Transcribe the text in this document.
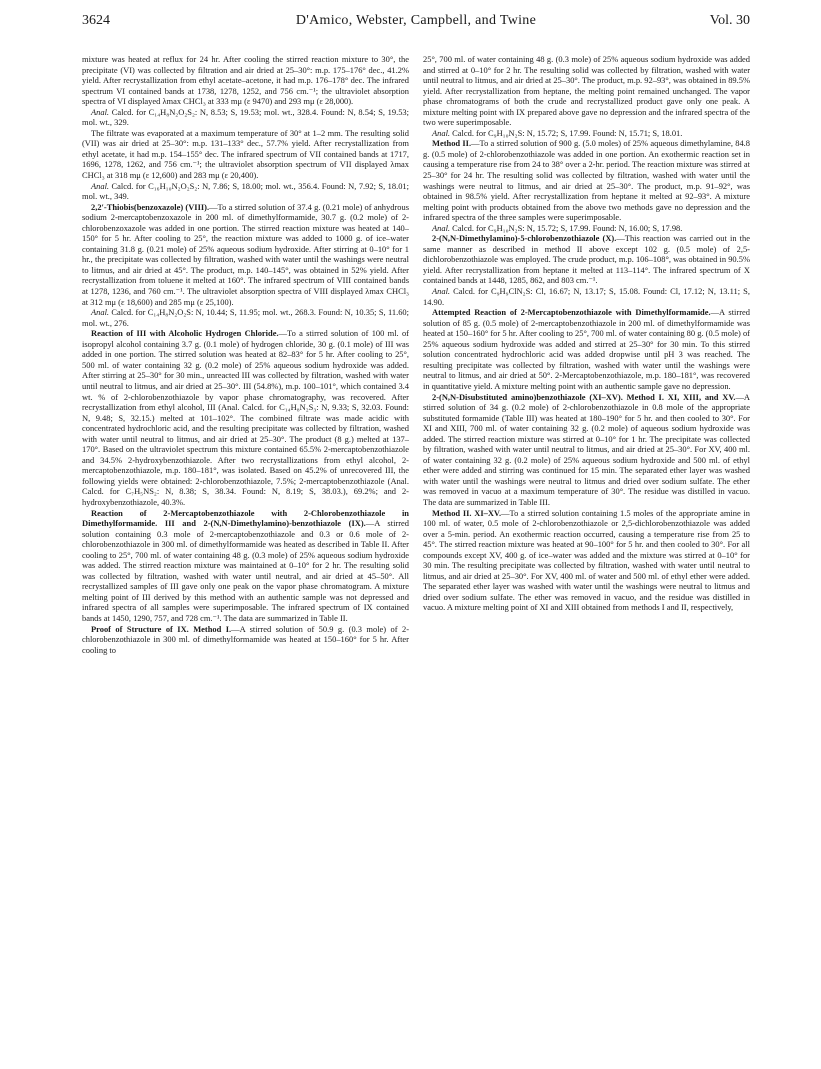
3624	D'Amico, Webster, Campbell, and Twine	Vol. 30

mixture was heated at reflux for 24 hr. After cooling the stirred reaction mixture to 30°, the precipitate (VI) was collected by filtration and air dried at 25–30°: m.p. 175–176° dec., 41.2% yield. After recrystallization from ethyl acetate–acetone, it had m.p. 176–178° dec. The infrared spectrum VI contained bands at 1738, 1278, 1252, and 756 cm.⁻¹; the ultraviolet absorption spectra of VI displayed λmax CHCl₃ at 333 mμ (ε 9470) and 293 mμ (ε 28,000).

Anal. Calcd. for C₁₄H₈N₂O₂S₂: N, 8.53; S, 19.53; mol. wt., 328.4. Found: N, 8.54; S, 19.53; mol. wt., 329.

The filtrate was evaporated at a maximum temperature of 30° at 1–2 mm. The resulting solid (VII) was air dried at 25–30°: m.p. 131–133° dec., 57.7% yield. After recrystallization from ethyl acetate, it had m.p. 154–155° dec. The infrared spectrum of VII contained bands at 1717, 1696, 1278, 1262, and 756 cm.⁻¹; the ultraviolet absorption spectrum of VII displayed λmax CHCl₃ at 318 mμ (ε 12,600) and 283 mμ (ε 20,400).

Anal. Calcd. for C₁₆H₁₀N₂O₂S₂: N, 7.86; S, 18.00; mol. wt., 356.4. Found: N, 7.92; S, 18.01; mol. wt., 349.

2,2′-Thiobis(benzoxazole) (VIII).—To a stirred solution of 37.4 g. (0.21 mole) of anhydrous sodium 2-mercaptobenzoxazole in 200 ml. of dimethylformamide, 30.7 g. (0.2 mole) of 2-chlorobenzoxazole was added in one portion. The stirred reaction mixture was heated at 140–150° for 5 hr. After cooling to 25°, the reaction mixture was added to 1000 g. of ice–water containing 31.8 g. (0.21 mole) of 25% aqueous sodium hydroxide. After stirring at 0–10° for 1 hr., the precipitate was collected by filtration, washed with water until the washings were neutral to litmus, and air dried at 45°. The product, m.p. 140–145°, was obtained in 52% yield. After recrystallization from toluene it melted at 160°. The infrared spectrum of VIII contained bands at 1278, 1236, and 760 cm.⁻¹. The ultraviolet absorption spectra of VIII displayed λmax CHCl₃ at 312 mμ (ε 18,600) and 285 mμ (ε 25,100).

Anal. Calcd. for C₁₄H₈N₂O₂S: N, 10.44; S, 11.95; mol. wt., 268.3. Found: N, 10.35; S, 11.60; mol. wt., 276.

Reaction of III with Alcoholic Hydrogen Chloride.—To a stirred solution of 100 ml. of isopropyl alcohol containing 3.7 g. (0.1 mole) of hydrogen chloride, 30 g. (0.1 mole) of III was added in one portion. The stirred solution was heated at 82–83° for 5 hr. After cooling to 25°, 500 ml. of water containing 32 g. (0.2 mole) of 25% aqueous sodium hydroxide was added. After stirring at 25–30° for 30 min., unreacted III was collected by filtration, washed with water until neutral to litmus, and air dried at 25–30°. III (54.8%), m.p. 100–101°, which contained 3.4 wt. % of 2-chlorobenzothiazole by vapor phase chromatography, was recovered. After recrystallization from ethyl alcohol, III (Anal. Calcd. for C₁₄H₈N₂S₃: N, 9.33; S, 32.03. Found: N, 9.48; S, 32.15.) melted at 101–102°. The combined filtrate was made acidic with concentrated hydrochloric acid, and the resulting precipitate was collected by filtration, washed with water until neutral to litmus, and air dried at 25–30°. The product (8 g.) melted at 137–170°. Based on the ultraviolet spectrum this mixture contained 65.5% 2-mercaptobenzothiazole and 34.5% 2-hydroxybenzothiazole. After two recrystallizations from ethyl alcohol, 2-mercaptobenzothiazole, m.p. 180–181°, was isolated. Based on 45.2% of unrecovered III, the following yields were obtained: 2-chlorobenzothiazole, 7.5%; 2-mercaptobenzothiazole (Anal. Calcd. for C₇H₅NS₂: N, 8.38; S, 38.34. Found: N, 8.19; S, 38.03.), 69.2%; and 2-hydroxybenzothiazole, 40.3%.

Reaction of 2-Mercaptobenzothiazole with 2-Chlorobenzothiazole in Dimethylformamide. III and 2-(N,N-Dimethylamino)-benzothiazole (IX).—A stirred solution containing 0.3 mole of 2-mercaptobenzothiazole and 0.3 or 0.6 mole of 2-chlorobenzothiazole in 300 ml. of dimethylformamide was heated as described in Table II. After cooling to 25°, 700 ml. of water containing 48 g. (0.3 mole) of 25% aqueous sodium hydroxide was added. The stirred reaction mixture was maintained at 0–10° for 2 hr. The resulting solid was collected by filtration, washed with water until neutral, and air dried at 45–50°. All recrystallized samples of III gave only one peak on the vapor phase chromatogram. A mixture melting point of III derived by this method with an authentic sample was not depressed and infrared spectra of all samples were superimposable. The infrared spectrum of IX contained bands at 1450, 1290, 757, and 728 cm.⁻¹. The data are summarized in Table II.

Proof of Structure of IX. Method I.—A stirred solution of 50.9 g. (0.3 mole) of 2-chlorobenzothiazole in 300 ml. of dimethylformamide was heated at 150–160° for 5 hr. After cooling to

25°, 700 ml. of water containing 48 g. (0.3 mole) of 25% aqueous sodium hydroxide was added and stirred at 0–10° for 2 hr. The resulting solid was collected by filtration, washed with water until neutral to litmus, and air dried at 25–30°. The product, m.p. 92–93°, was obtained in 89.5% yield. After recrystallization from heptane, the melting point remained unchanged. The vapor phase chromatograms of both the crude and recrystallized product gave only one peak. A mixture melting point with IX prepared above gave no depression and the infrared spectra of the two were superimposable.

Anal. Calcd. for C₉H₁₀N₂S: N, 15.72; S, 17.99. Found: N, 15.71; S, 18.01.

Method II.—To a stirred solution of 900 g. (5.0 moles) of 25% aqueous dimethylamine, 84.8 g. (0.5 mole) of 2-chlorobenzothiazole was added in one portion. An exothermic reaction set in causing a temperature rise from 24 to 38° over a 2-hr. period. The reaction mixture was stirred at 25–30° for 24 hr. The resulting solid was collected by filtration, washed with water until the washings were neutral to litmus, and air dried at 25–30°. The product, m.p. 91–92°, was obtained in 98.5% yield. After recrystallization from heptane it melted at 92–93°. A mixture melting point with products obtained from the above two methods gave no depression and the infrared spectra of the three samples were superimposable.

Anal. Calcd. for C₉H₁₀N₂S: N, 15.72; S, 17.99. Found: N, 16.00; S, 17.98.

2-(N,N-Dimethylamino)-5-chlorobenzothiazole (X).—This reaction was carried out in the same manner as described in method II above except 102 g. (0.5 mole) of 2,5-dichlorobenzothiazole was employed. The crude product, m.p. 106–108°, was obtained in 90.5% yield. After recrystallization from heptane it melted at 113–114°. The infrared spectrum of X contained bands at 1448, 1285, 862, and 803 cm.⁻¹.

Anal. Calcd. for C₉H₉ClN₂S: Cl, 16.67; N, 13.17; S, 15.08. Found: Cl, 17.12; N, 13.11; S, 14.90.

Attempted Reaction of 2-Mercaptobenzothiazole with Dimethylformamide.—A stirred solution of 85 g. (0.5 mole) of 2-mercaptobenzothiazole in 200 ml. of dimethylformamide was heated at 150–160° for 5 hr. After cooling to 25°, 700 ml. of water containing 80 g. (0.5 mole) of 25% aqueous sodium hydroxide was added and stirred at 25–30° for 30 min. To this stirred solution concentrated hydrochloric acid was added dropwise until pH 3 was reached. The resulting precipitate was collected by filtration, washed with water until the washings were neutral to litmus, and air dried at 50°. 2-Mercaptobenzothiazole, m.p. 180–181°, was recovered in quantitative yield. A mixture melting point with an authentic sample gave no depression.

2-(N,N-Disubstituted amino)benzothiazole (XI–XV). Method I. XI, XIII, and XV.—A stirred solution of 34 g. (0.2 mole) of 2-chlorobenzothiazole in 0.8 mole of the appropriate substituted formamide (Table III) was heated at 180–190° for 5 hr. and then cooled to 30°. For XI and XIII, 700 ml. of water containing 32 g. (0.2 mole) of aqueous sodium hydroxide was added. The stirred reaction mixture was stirred at 0–10° for 1 hr. The precipitate was collected by filtration, washed with water until neutral to litmus, and air dried at 25–30°. For XV, 400 ml. of water containing 32 g. (0.2 mole) of 25% aqueous sodium hydroxide and 500 ml. of ethyl ether were added and stirring was continued for 15 min. The separated ether layer was washed with water until the washings were neutral to litmus and dried over sodium sulfate. The ether was removed in vacuo at a maximum temperature of 30°. The residue was distilled in vacuo. The data are summarized in Table III.

Method II. XI–XV.—To a stirred solution containing 1.5 moles of the appropriate amine in 100 ml. of water, 0.5 mole of 2-chlorobenzothiazole or 2,5-dichlorobenzothiazole was added over a 5-min. period. An exothermic reaction occurred, causing a temperature rise from 25 to 45°. The stirred reaction mixture was heated at 90–100° for 5 hr. and then cooled to 30°. For all compounds except XV, 400 g. of ice–water was added and the mixture was stirred at 0–10° for 30 min. The resulting precipitate was collected by filtration, washed with water until neutral to litmus, and air dried at 25–30°. For XV, 400 ml. of water and 500 ml. of ethyl ether were added. The separated ether layer was washed with water until the washings were neutral to litmus and dried over sodium sulfate. The ether was removed in vacuo, and the residue was distilled in vacuo. A mixture melting point of XI and XIII obtained from methods I and II, respectively,
